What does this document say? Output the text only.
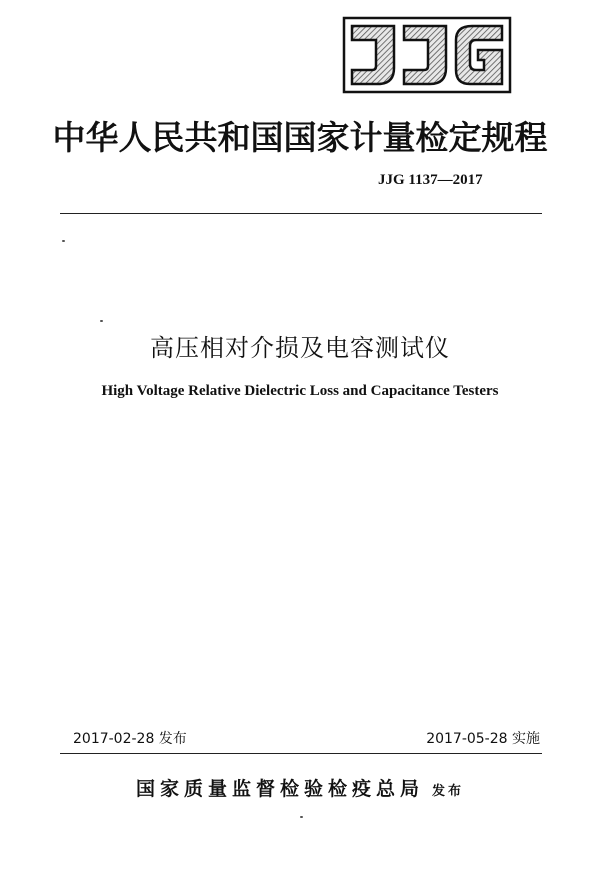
中华人民共和国国家计量检定规程
JJG 1137—2017
高压相对介损及电容测试仪
High Voltage Relative Dielectric Loss and Capacitance Testers
2017-02-28 发布	2017-05-28 实施
国家质量监督检验检疫总局 发布
